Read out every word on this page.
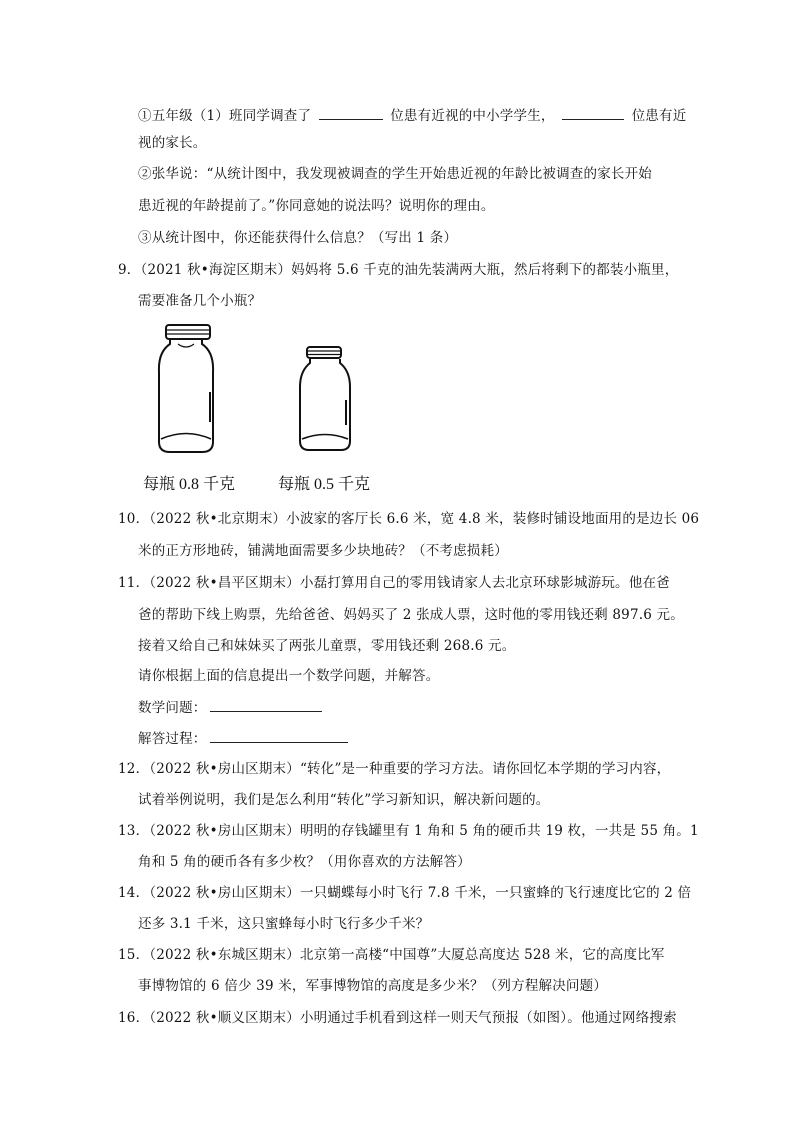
①五年级（1）班同学调查了	位患有近视的中小学学生，	位患有近
视的家长。
②张华说：“从统计图中，我发现被调查的学生开始患近视的年龄比被调查的家长开始
患近视的年龄提前了。”你同意她的说法吗？说明你的理由。
③从统计图中，你还能获得什么信息？（写出 1 条）
9．（2021 秋•海淀区期末）妈妈将 5.6 千克的油先装满两大瓶，然后将剩下的都装小瓶里，
需要准备几个小瓶？
每瓶 0.8 千克	每瓶 0.5 千克
10．（2022 秋•北京期末）小波家的客厅长 6.6 米，宽 4.8 米，装修时铺设地面用的是边长 06
米的正方形地砖，铺满地面需要多少块地砖？（不考虑损耗）
11．（2022 秋•昌平区期末）小磊打算用自己的零用钱请家人去北京环球影城游玩。他在爸
爸的帮助下线上购票，先给爸爸、妈妈买了 2 张成人票，这时他的零用钱还剩 897.6 元。
接着又给自己和妹妹买了两张儿童票，零用钱还剩 268.6 元。
请你根据上面的信息提出一个数学问题，并解答。
数学问题：
解答过程：
12．（2022 秋•房山区期末）“转化”是一种重要的学习方法。请你回忆本学期的学习内容，
试着举例说明，我们是怎么利用“转化”学习新知识，解决新问题的。
13．（2022 秋•房山区期末）明明的存钱罐里有 1 角和 5 角的硬币共 19 枚，一共是 55 角。1
角和 5 角的硬币各有多少枚？（用你喜欢的方法解答）
14．（2022 秋•房山区期末）一只蝴蝶每小时飞行 7.8 千米，一只蜜蜂的飞行速度比它的 2 倍
还多 3.1 千米，这只蜜蜂每小时飞行多少千米？
15．（2022 秋•东城区期末）北京第一高楼“中国尊”大厦总高度达 528 米，它的高度比军
事博物馆的 6 倍少 39 米，军事博物馆的高度是多少米？（列方程解决问题）
16．（2022 秋•顺义区期末）小明通过手机看到这样一则天气预报（如图）。他通过网络搜索
